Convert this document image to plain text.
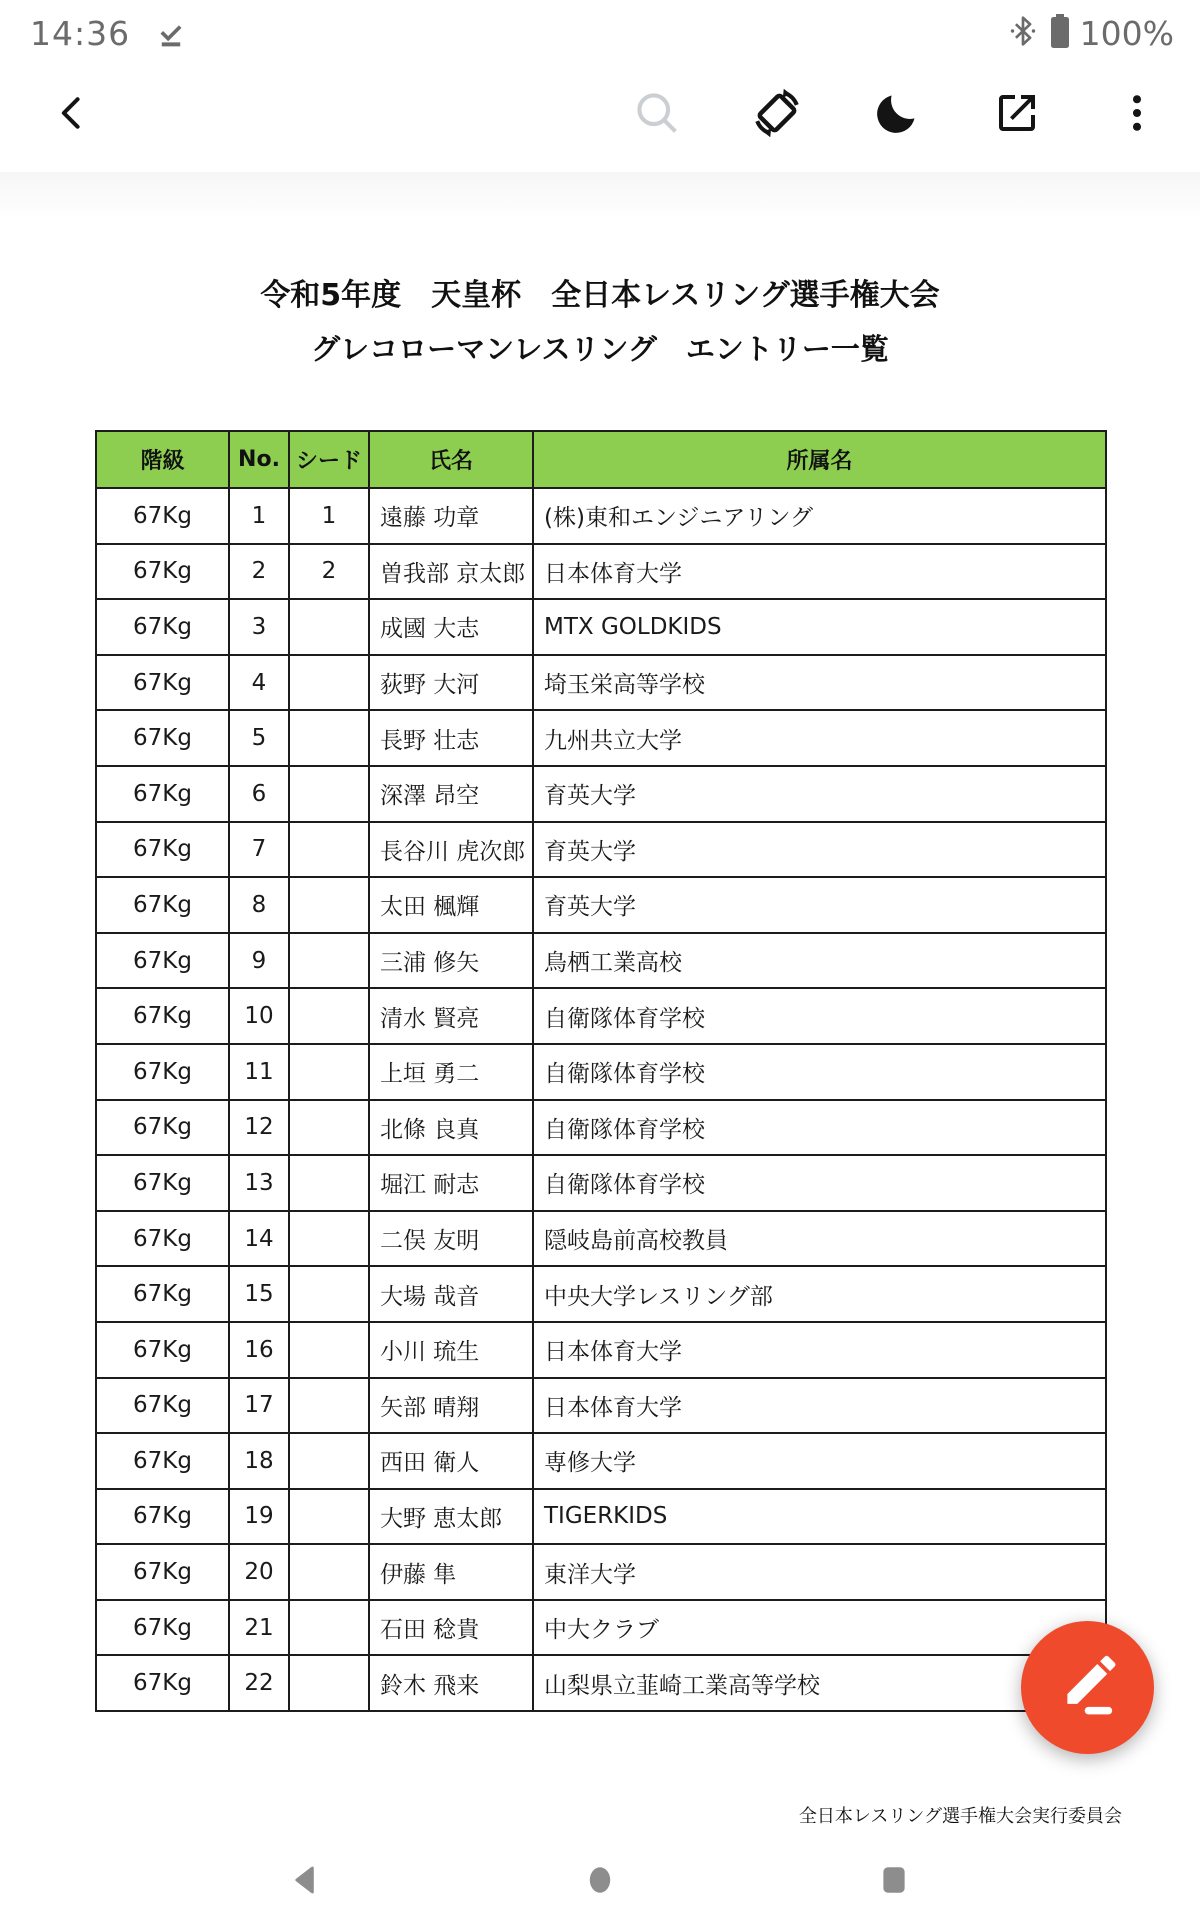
14:36	100%
令和5年度　天皇杯　全日本レスリング選手権大会
グレコローマンレスリング　エントリー一覧
階級	No.	シード	氏名	所属名
67Kg	1	1	遠藤 功章	(株)東和エンジニアリング
67Kg	2	2	曽我部 京太郎	日本体育大学
67Kg	3		成國 大志	MTX GOLDKIDS
67Kg	4		荻野 大河	埼玉栄高等学校
67Kg	5		長野 壮志	九州共立大学
67Kg	6		深澤 昂空	育英大学
67Kg	7		長谷川 虎次郎	育英大学
67Kg	8		太田 楓輝	育英大学
67Kg	9		三浦 修矢	鳥栖工業高校
67Kg	10		清水 賢亮	自衛隊体育学校
67Kg	11		上垣 勇二	自衛隊体育学校
67Kg	12		北條 良真	自衛隊体育学校
67Kg	13		堀江 耐志	自衛隊体育学校
67Kg	14		二俣 友明	隠岐島前高校教員
67Kg	15		大場 哉音	中央大学レスリング部
67Kg	16		小川 琉生	日本体育大学
67Kg	17		矢部 晴翔	日本体育大学
67Kg	18		西田 衛人	専修大学
67Kg	19		大野 恵太郎	TIGERKIDS
67Kg	20		伊藤 隼	東洋大学
67Kg	21		石田 稔貴	中大クラブ
67Kg	22		鈴木 飛来	山梨県立韮崎工業高等学校
全日本レスリング選手権大会実行委員会
